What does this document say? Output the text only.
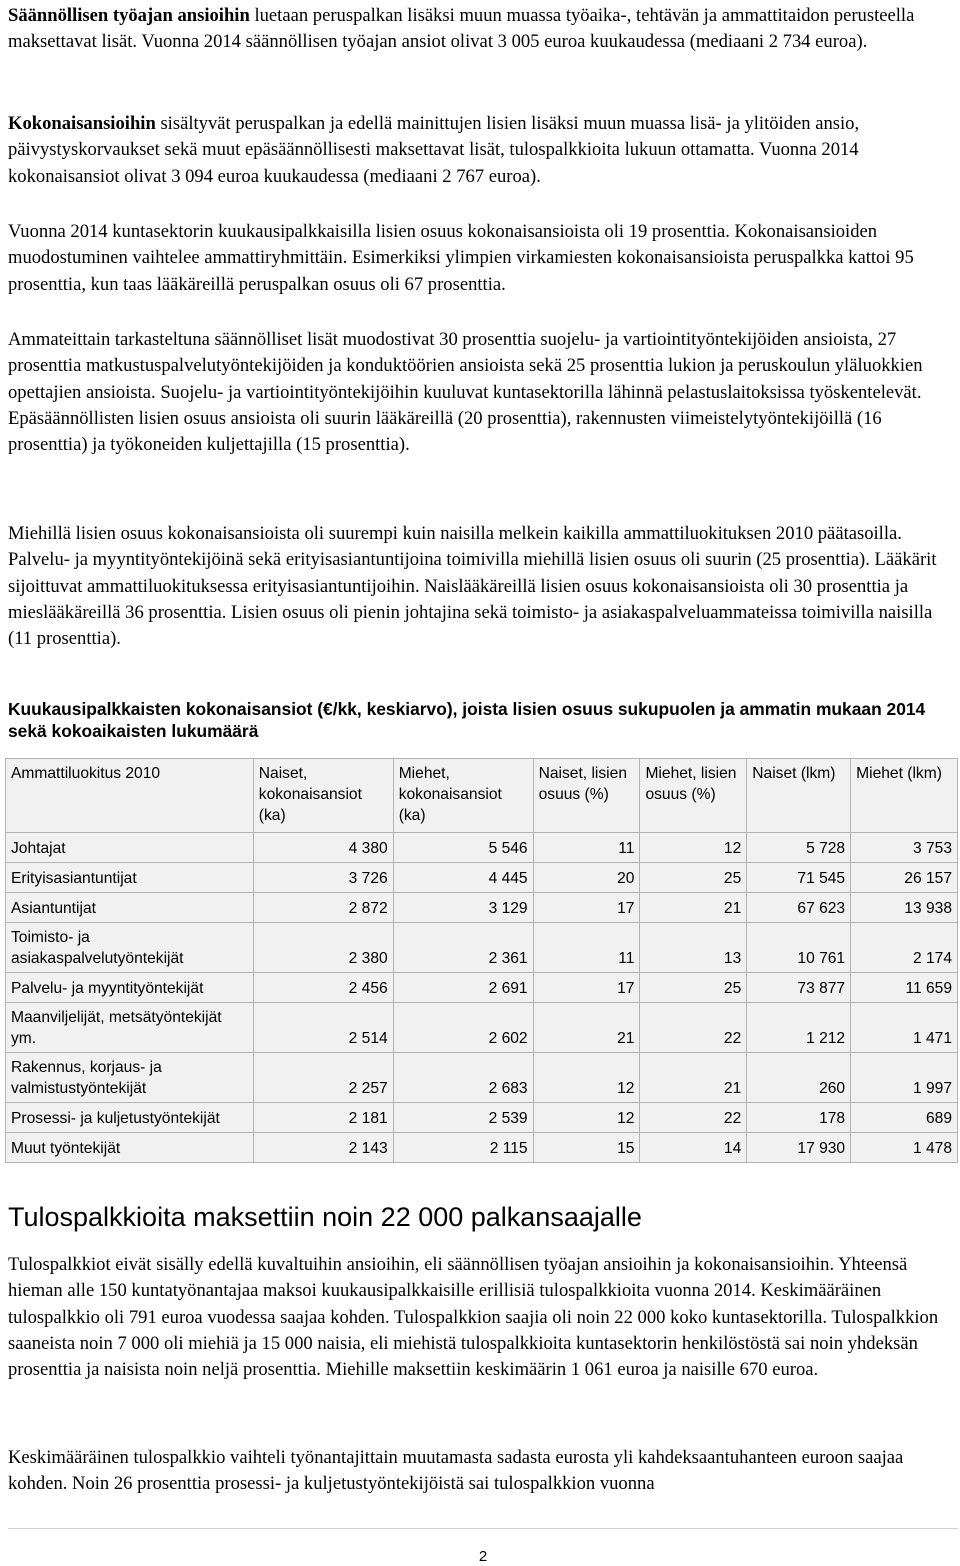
Säännöllisen työajan ansioihin luetaan peruspalkan lisäksi muun muassa työaika-, tehtävän ja ammattitaidon perusteella maksettavat lisät. Vuonna 2014 säännöllisen työajan ansiot olivat 3 005 euroa kuukaudessa (mediaani 2 734 euroa).

Kokonaisansioihin sisältyvät peruspalkan ja edellä mainittujen lisien lisäksi muun muassa lisä- ja ylitöiden ansio, päivystyskorvaukset sekä muut epäsäännöllisesti maksettavat lisät, tulospalkkioita lukuun ottamatta. Vuonna 2014 kokonaisansiot olivat 3 094 euroa kuukaudessa (mediaani 2 767 euroa).

Vuonna 2014 kuntasektorin kuukausipalkkaisilla lisien osuus kokonaisansioista oli 19 prosenttia. Kokonaisansioiden muodostuminen vaihtelee ammattiryhmittäin. Esimerkiksi ylimpien virkamiesten kokonaisansioista peruspalkka kattoi 95 prosenttia, kun taas lääkäreillä peruspalkan osuus oli 67 prosenttia.

Ammateittain tarkasteltuna säännölliset lisät muodostivat 30 prosenttia suojelu- ja vartiointityöntekijöiden ansioista, 27 prosenttia matkustuspalvelutyöntekijöiden ja konduktöörien ansioista sekä 25 prosenttia lukion ja peruskoulun yläluokkien opettajien ansioista. Suojelu- ja vartiointityöntekijöihin kuuluvat kuntasektorilla lähinnä pelastuslaitoksissa työskentelevät. Epäsäännöllisten lisien osuus ansioista oli suurin lääkäreillä (20 prosenttia), rakennusten viimeistelytyöntekijöillä (16 prosenttia) ja työkoneiden kuljettajilla (15 prosenttia).

Miehillä lisien osuus kokonaisansioista oli suurempi kuin naisilla melkein kaikilla ammattiluokituksen 2010 päätasoilla. Palvelu- ja myyntityöntekijöinä sekä erityisasiantuntijoina toimivilla miehillä lisien osuus oli suurin (25 prosenttia). Lääkärit sijoittuvat ammattiluokituksessa erityisasiantuntijoihin. Naislääkäreillä lisien osuus kokonaisansioista oli 30 prosenttia ja mieslääkäreillä 36 prosenttia. Lisien osuus oli pienin johtajina sekä toimisto- ja asiakaspalveluammateissa toimivilla naisilla (11 prosenttia).

Kuukausipalkkaisten kokonaisansiot (€/kk, keskiarvo), joista lisien osuus sukupuolen ja ammatin mukaan 2014 sekä kokoaikaisten lukumäärä

Ammattiluokitus 2010	Naiset, kokonaisansiot (ka)	Miehet, kokonaisansiot (ka)	Naiset, lisien osuus (%)	Miehet, lisien osuus (%)	Naiset (lkm)	Miehet (lkm)
Johtajat	4 380	5 546	11	12	5 728	3 753
Erityisasiantuntijat	3 726	4 445	20	25	71 545	26 157
Asiantuntijat	2 872	3 129	17	21	67 623	13 938
Toimisto- ja asiakaspalvelutyöntekijät	2 380	2 361	11	13	10 761	2 174
Palvelu- ja myyntityöntekijät	2 456	2 691	17	25	73 877	11 659
Maanviljelijät, metsätyöntekijät ym.	2 514	2 602	21	22	1 212	1 471
Rakennus, korjaus- ja valmistustyöntekijät	2 257	2 683	12	21	260	1 997
Prosessi- ja kuljetustyöntekijät	2 181	2 539	12	22	178	689
Muut työntekijät	2 143	2 115	15	14	17 930	1 478
Tulospalkkioita maksettiin noin 22 000 palkansaajalle

Tulospalkkiot eivät sisälly edellä kuvaltuihin ansioihin, eli säännöllisen työajan ansioihin ja kokonaisansioihin. Yhteensä hieman alle 150 kuntatyönantajaa maksoi kuukausipalkkaisille erillisiä tulospalkkioita vuonna 2014. Keskimääräinen tulospalkkio oli 791 euroa vuodessa saajaa kohden. Tulospalkkion saajia oli noin 22 000 koko kuntasektorilla. Tulospalkkion saaneista noin 7 000 oli miehiä ja 15 000 naisia, eli miehistä tulospalkkioita kuntasektorin henkilöstöstä sai noin yhdeksän prosenttia ja naisista noin neljä prosenttia. Miehille maksettiin keskimäärin 1 061 euroa ja naisille 670 euroa.

Keskimääräinen tulospalkkio vaihteli työnantajittain muutamasta sadasta eurosta yli kahdeksaantuhanteen euroon saajaa kohden. Noin 26 prosenttia prosessi- ja kuljetustyöntekijöistä sai tulospalkkion vuonna

2
